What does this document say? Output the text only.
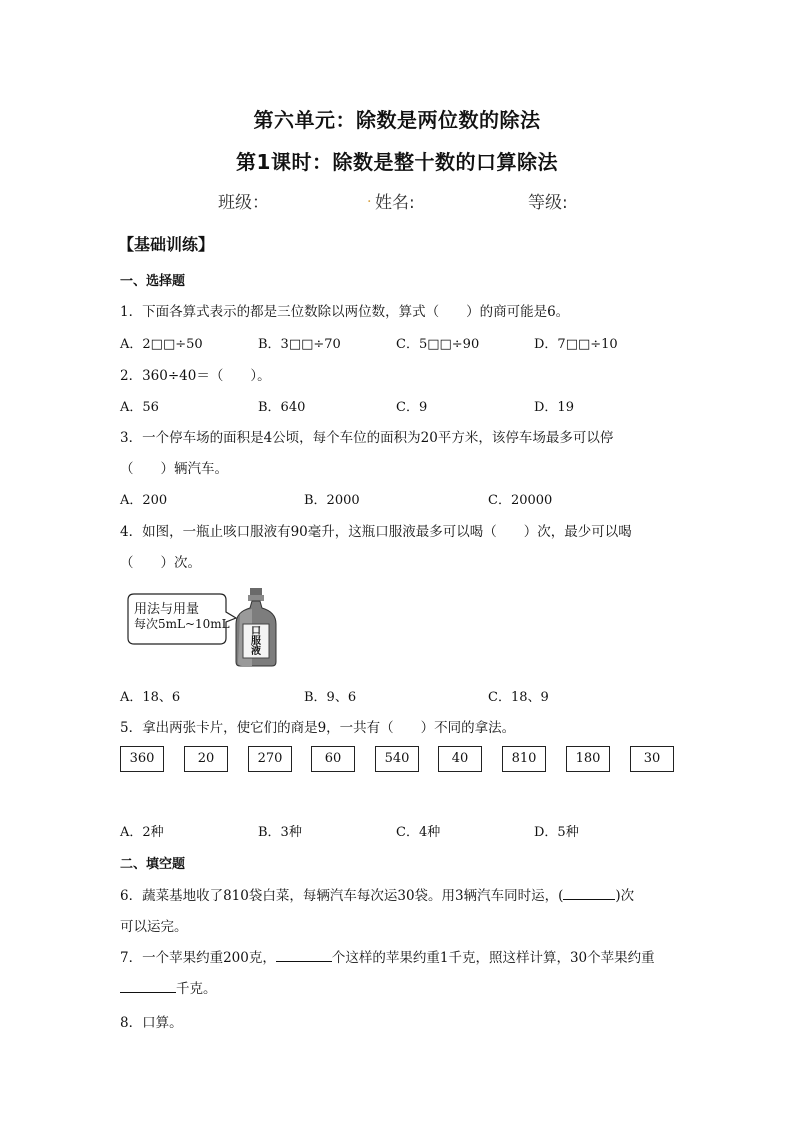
第六单元：除数是两位数的除法
第1课时：除数是整十数的口算除法
班级：	. 姓名:	等级:
【基础训练】
一、选择题
1．下面各算式表示的都是三位数除以两位数，算式（　　）的商可能是6。
A．2□□÷50	B．3□□÷70	C．5□□÷90	D．7□□÷10
2．360÷40＝（　　）。
A．56	B．640	C．9	D．19
3．一个停车场的面积是4公顷，每个车位的面积为20平方米，该停车场最多可以停
（　　）辆汽车。
A．200	B．2000	C．20000
4．如图，一瓶止咳口服液有90毫升，这瓶口服液最多可以喝（　　）次，最少可以喝
（　　）次。
用法与用量
每次5mL~10mL
口服液
A．18、6	B．9、6	C．18、9
5．拿出两张卡片，使它们的商是9，一共有（　　）不同的拿法。
360	20	270	60	540	40	810	180	30
A．2种	B．3种	C．4种	D．5种
二、填空题
6．蔬菜基地收了810袋白菜，每辆汽车每次运30袋。用3辆汽车同时运，(	)次
可以运完。
7．一个苹果约重200克，	个这样的苹果约重1千克，照这样计算，30个苹果约重
千克。
8．口算。
